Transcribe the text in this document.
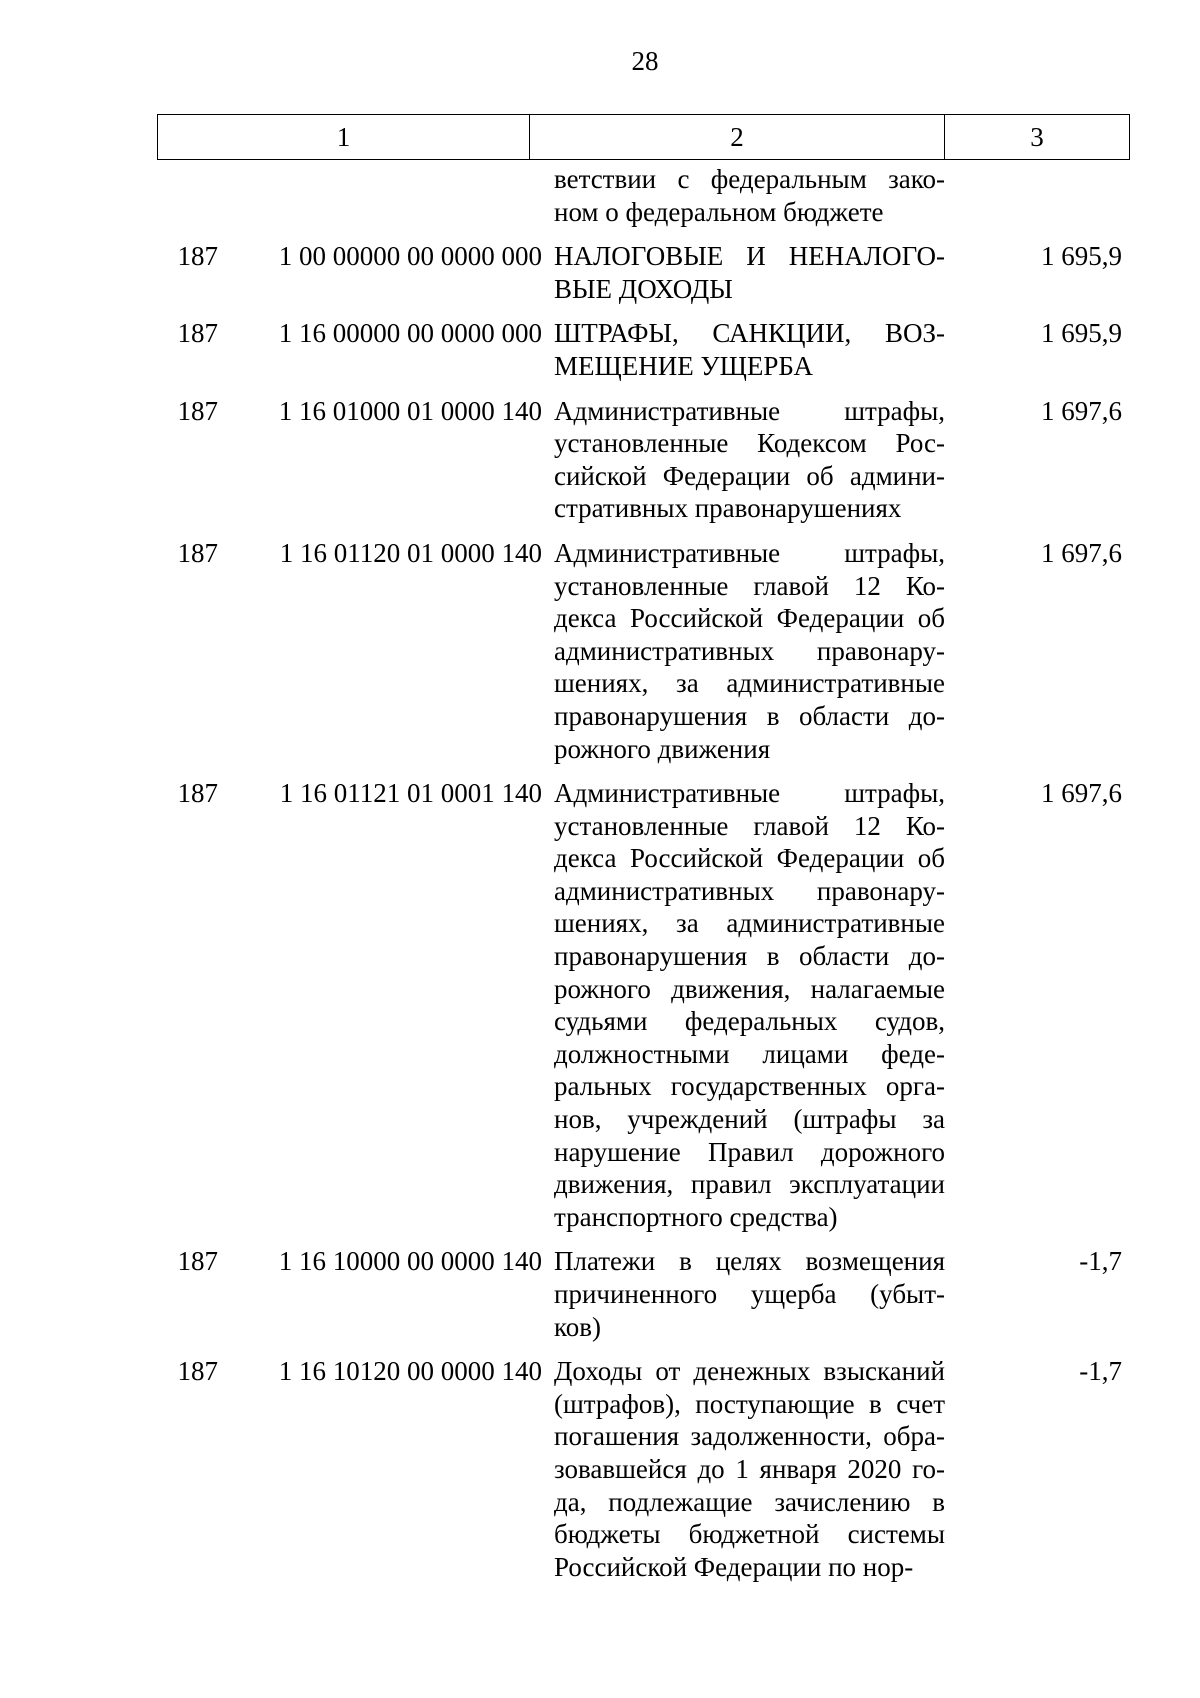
28
1	2	3
ветствии с федеральным зако-
ном о федеральном бюджете
187	1 00 00000 00 0000 000 НАЛОГОВЫЕ И НЕНАЛОГО-
ВЫЕ ДОХОДЫ
1 695,9
187	1 16 00000 00 0000 000 ШТРАФЫ, САНКЦИИ, ВОЗ-
МЕЩЕНИЕ УЩЕРБА
1 695,9
187	1 16 01000 01 0000 140 Административные штрафы,
установленные Кодексом Рос-
сийской Федерации об админи-
стративных правонарушениях
1 697,6
187	1 16 01120 01 0000 140 Административные штрафы,
установленные главой 12 Ко-
декса Российской Федерации об
административных правонару-
шениях, за административные
правонарушения в области до-
рожного движения
1 697,6
187	1 16 01121 01 0001 140 Административные штрафы,
установленные главой 12 Ко-
декса Российской Федерации об
административных правонару-
шениях, за административные
правонарушения в области до-
рожного движения, налагаемые
судьями федеральных судов,
должностными лицами феде-
ральных государственных орга-
нов, учреждений (штрафы за
нарушение Правил дорожного
движения, правил эксплуатации
транспортного средства)
1 697,6
187	1 16 10000 00 0000 140 Платежи в целях возмещения
причиненного ущерба (убыт-
ков)
-1,7
187	1 16 10120 00 0000 140 Доходы от денежных взысканий
(штрафов), поступающие в счет
погашения задолженности, обра-
зовавшейся до 1 января 2020 го-
да, подлежащие зачислению в
бюджеты бюджетной системы
Российской Федерации по нор-
-1,7
